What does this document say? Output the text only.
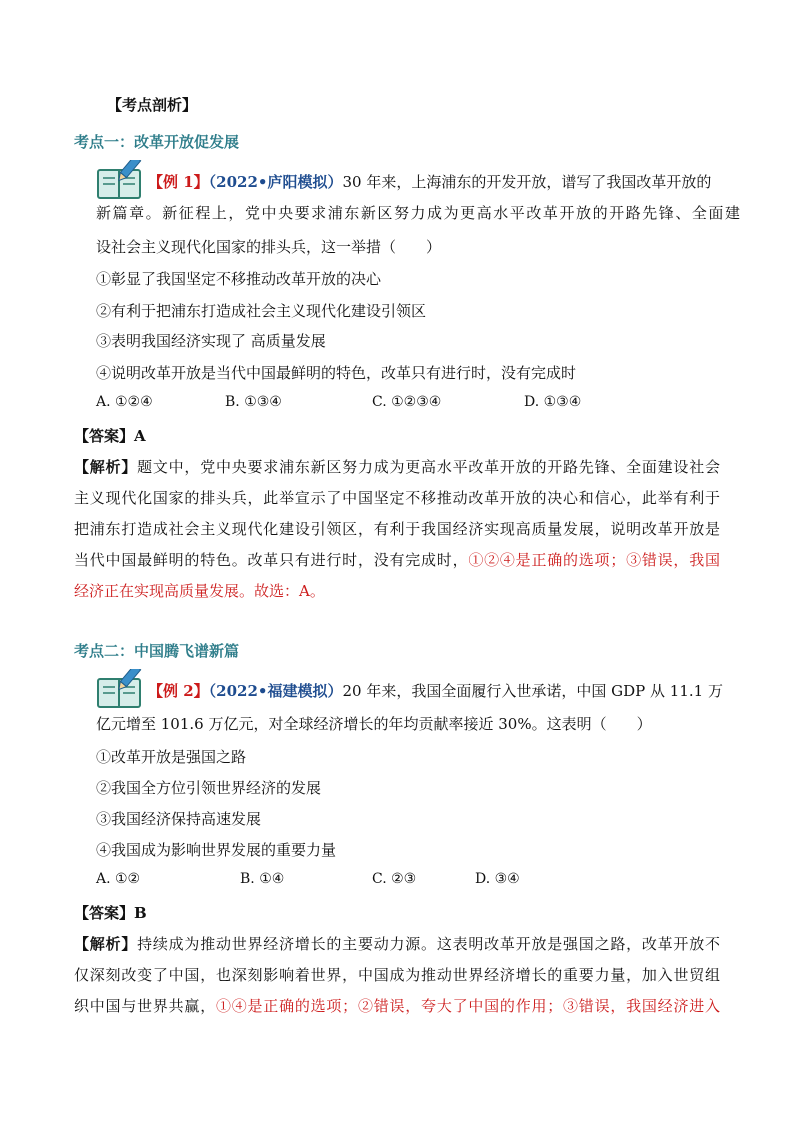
【考点剖析】
考点一：改革开放促发展
【例 1】（2022•庐阳模拟）30 年来，上海浦东的开发开放，谱写了我国改革开放的
新篇章。新征程上，党中央要求浦东新区努力成为更高水平改革开放的开路先锋、全面建
设社会主义现代化国家的排头兵，这一举措（　　）
①彰显了我国坚定不移推动改革开放的决心
②有利于把浦东打造成社会主义现代化建设引领区
③表明我国经济实现了 高质量发展
④说明改革开放是当代中国最鲜明的特色，改革只有进行时，没有完成时
A. ①②④	B. ①③④	C. ①②③④	D. ①③④
【答案】A
【解析】题文中，党中央要求浦东新区努力成为更高水平改革开放的开路先锋、全面建设社会
主义现代化国家的排头兵，此举宣示了中国坚定不移推动改革开放的决心和信心，此举有利于
把浦东打造成社会主义现代化建设引领区，有利于我国经济实现高质量发展，说明改革开放是
当代中国最鲜明的特色。改革只有进行时，没有完成时，①②④是正确的选项；③错误，我国
经济正在实现高质量发展。故选：A。
考点二：中国腾飞谱新篇
【例 2】（2022•福建模拟）20 年来，我国全面履行入世承诺，中国 GDP 从 11.1 万
亿元增至 101.6 万亿元，对全球经济增长的年均贡献率接近 30%。这表明（　　）
①改革开放是强国之路
②我国全方位引领世界经济的发展
③我国经济保持高速发展
④我国成为影响世界发展的重要力量
A. ①②	B. ①④	C. ②③	D. ③④
【答案】B
【解析】持续成为推动世界经济增长的主要动力源。这表明改革开放是强国之路，改革开放不
仅深刻改变了中国，也深刻影响着世界，中国成为推动世界经济增长的重要力量，加入世贸组
织中国与世界共赢，①④是正确的选项；②错误，夸大了中国的作用；③错误，我国经济进入
